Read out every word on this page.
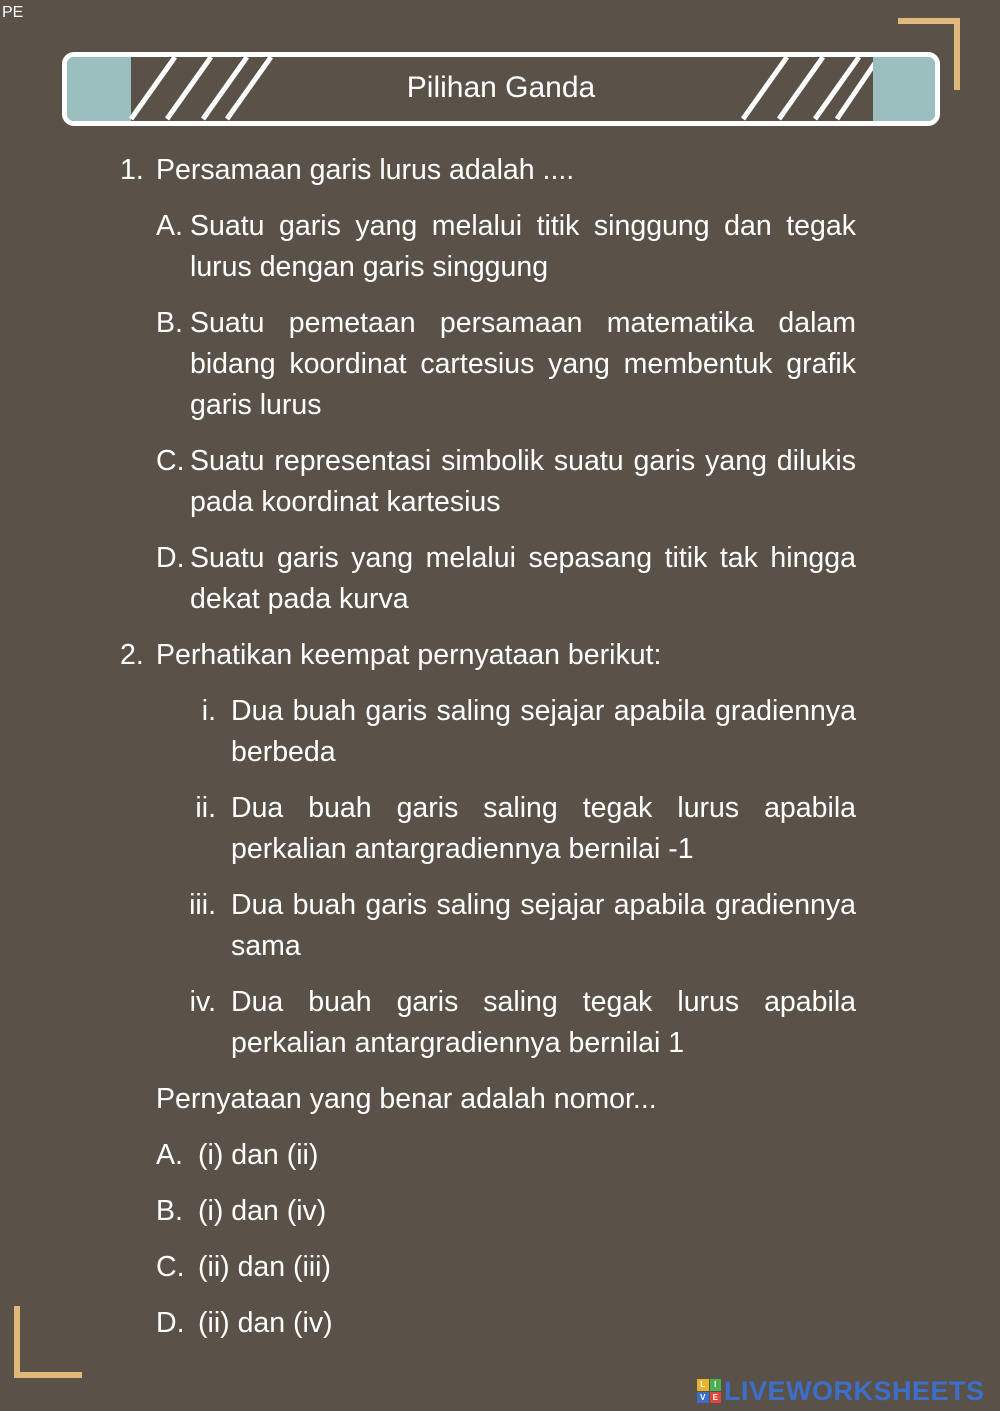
PE
Pilihan Ganda
1. Persamaan garis lurus adalah ....
A. Suatu garis yang melalui titik singgung dan tegak lurus dengan garis singgung
B. Suatu pemetaan persamaan matematika dalam bidang koordinat cartesius yang membentuk grafik garis lurus
C. Suatu representasi simbolik suatu garis yang dilukis pada koordinat kartesius
D. Suatu garis yang melalui sepasang titik tak hingga dekat pada kurva
2. Perhatikan keempat pernyataan berikut:
i. Dua buah garis saling sejajar apabila gradiennya berbeda
ii. Dua buah garis saling tegak lurus apabila perkalian antargradiennya bernilai -1
iii. Dua buah garis saling sejajar apabila gradiennya sama
iv. Dua buah garis saling tegak lurus apabila perkalian antargradiennya bernilai 1
Pernyataan yang benar adalah nomor...
A. (i) dan (ii)
B. (i) dan (iv)
C. (ii) dan (iii)
D. (ii) dan (iv)
L	I
V E LIVEWORKSHEETS
